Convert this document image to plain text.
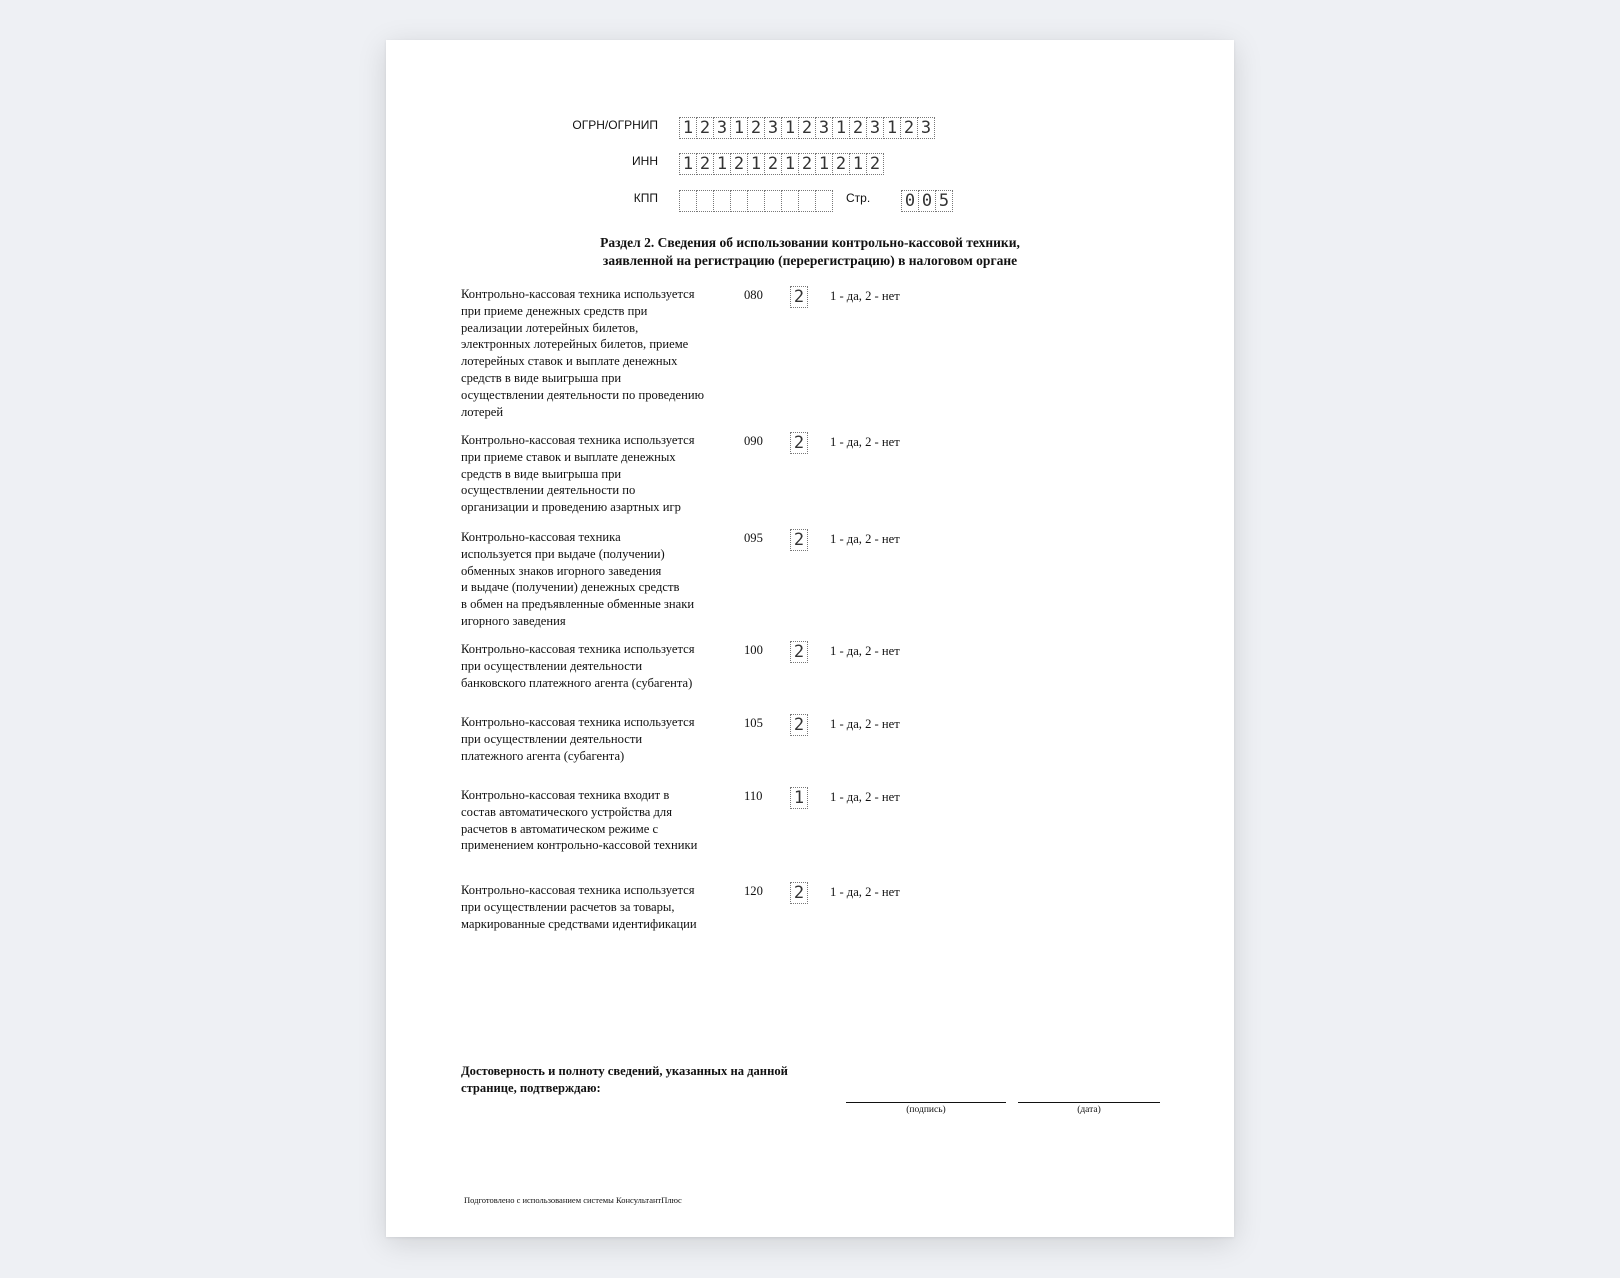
ОГРН/ОГРНИП 1 2 3 1 2 3 1 2 3 1 2 3 1 2 3
ИНН 1 2 1 2 1 2 1 2 1 2 1 2
КПП	Стр. 0 0 5
Раздел 2. Сведения об использовании контрольно-кассовой техники,
заявленной на регистрацию (перерегистрацию) в налоговом органе
Контрольно-кассовая техника используется
при приеме денежных средств при
реализации лотерейных билетов,
электронных лотерейных билетов, приеме
лотерейных ставок и выплате денежных
средств в виде выигрыша при
осуществлении деятельности по проведению
лотерей
080 2	1 - да, 2 - нет
Контрольно-кассовая техника используется
при приеме ставок и выплате денежных
средств в виде выигрыша при
осуществлении деятельности по
организации и проведению азартных игр
090 2	1 - да, 2 - нет
Контрольно-кассовая техника
используется при выдаче (получении)
обменных знаков игорного заведения
и выдаче (получении) денежных средств
в обмен на предъявленные обменные знаки
игорного заведения
095 2	1 - да, 2 - нет
Контрольно-кассовая техника используется
при осуществлении деятельности
банковского платежного агента (субагента)
100 2	1 - да, 2 - нет
Контрольно-кассовая техника используется
при осуществлении деятельности
платежного агента (субагента)
105 2	1 - да, 2 - нет
Контрольно-кассовая техника входит в
состав автоматического устройства для
расчетов в автоматическом режиме с
применением контрольно-кассовой техники
110 1	1 - да, 2 - нет
Контрольно-кассовая техника используется
при осуществлении расчетов за товары,
маркированные средствами идентификации
120 2	1 - да, 2 - нет
Достоверность и полноту сведений, указанных на данной
странице, подтверждаю:
(подпись)	(дата)
Подготовлено с использованием системы КонсультантПлюс
